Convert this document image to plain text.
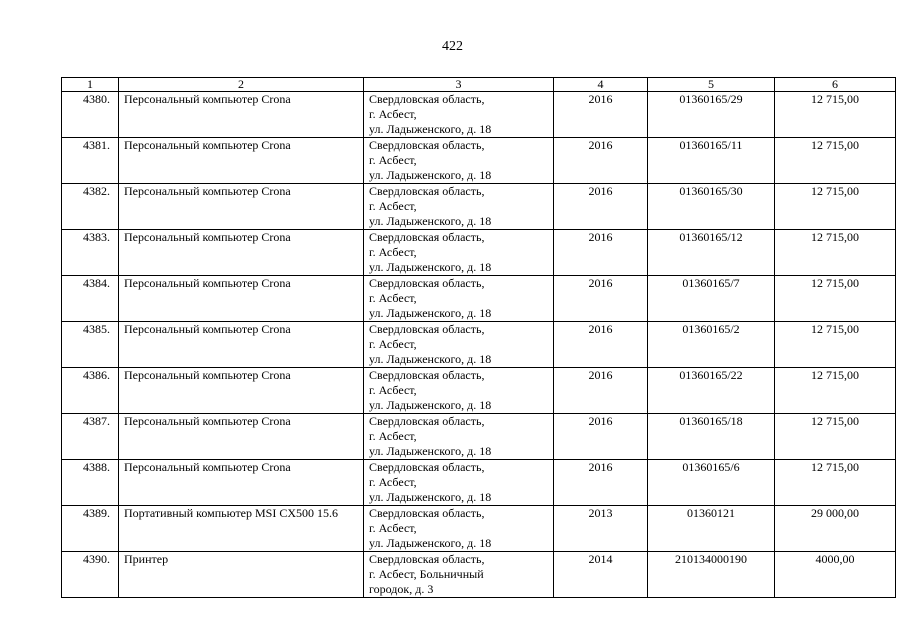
422
1	2	3	4	5	6
4380.	Персональный компьютер Crona	Свердловская область,
г. Асбест,
ул. Ладыженского, д. 18	2016	01360165/29	12 715,00
4381.	Персональный компьютер Crona	Свердловская область,
г. Асбест,
ул. Ладыженского, д. 18	2016	01360165/11	12 715,00
4382.	Персональный компьютер Crona	Свердловская область,
г. Асбест,
ул. Ладыженского, д. 18	2016	01360165/30	12 715,00
4383.	Персональный компьютер Crona	Свердловская область,
г. Асбест,
ул. Ладыженского, д. 18	2016	01360165/12	12 715,00
4384.	Персональный компьютер Crona	Свердловская область,
г. Асбест,
ул. Ладыженского, д. 18	2016	01360165/7	12 715,00
4385.	Персональный компьютер Crona	Свердловская область,
г. Асбест,
ул. Ладыженского, д. 18	2016	01360165/2	12 715,00
4386.	Персональный компьютер Crona	Свердловская область,
г. Асбест,
ул. Ладыженского, д. 18	2016	01360165/22	12 715,00
4387.	Персональный компьютер Crona	Свердловская область,
г. Асбест,
ул. Ладыженского, д. 18	2016	01360165/18	12 715,00
4388.	Персональный компьютер Crona	Свердловская область,
г. Асбест,
ул. Ладыженского, д. 18	2016	01360165/6	12 715,00
4389.	Портативный компьютер MSI CX500 15.6	Свердловская область,
г. Асбест,
ул. Ладыженского, д. 18	2013	01360121	29 000,00
4390.	Принтер	Свердловская область,
г. Асбест, Больничный
городок, д. 3	2014	210134000190	4000,00
